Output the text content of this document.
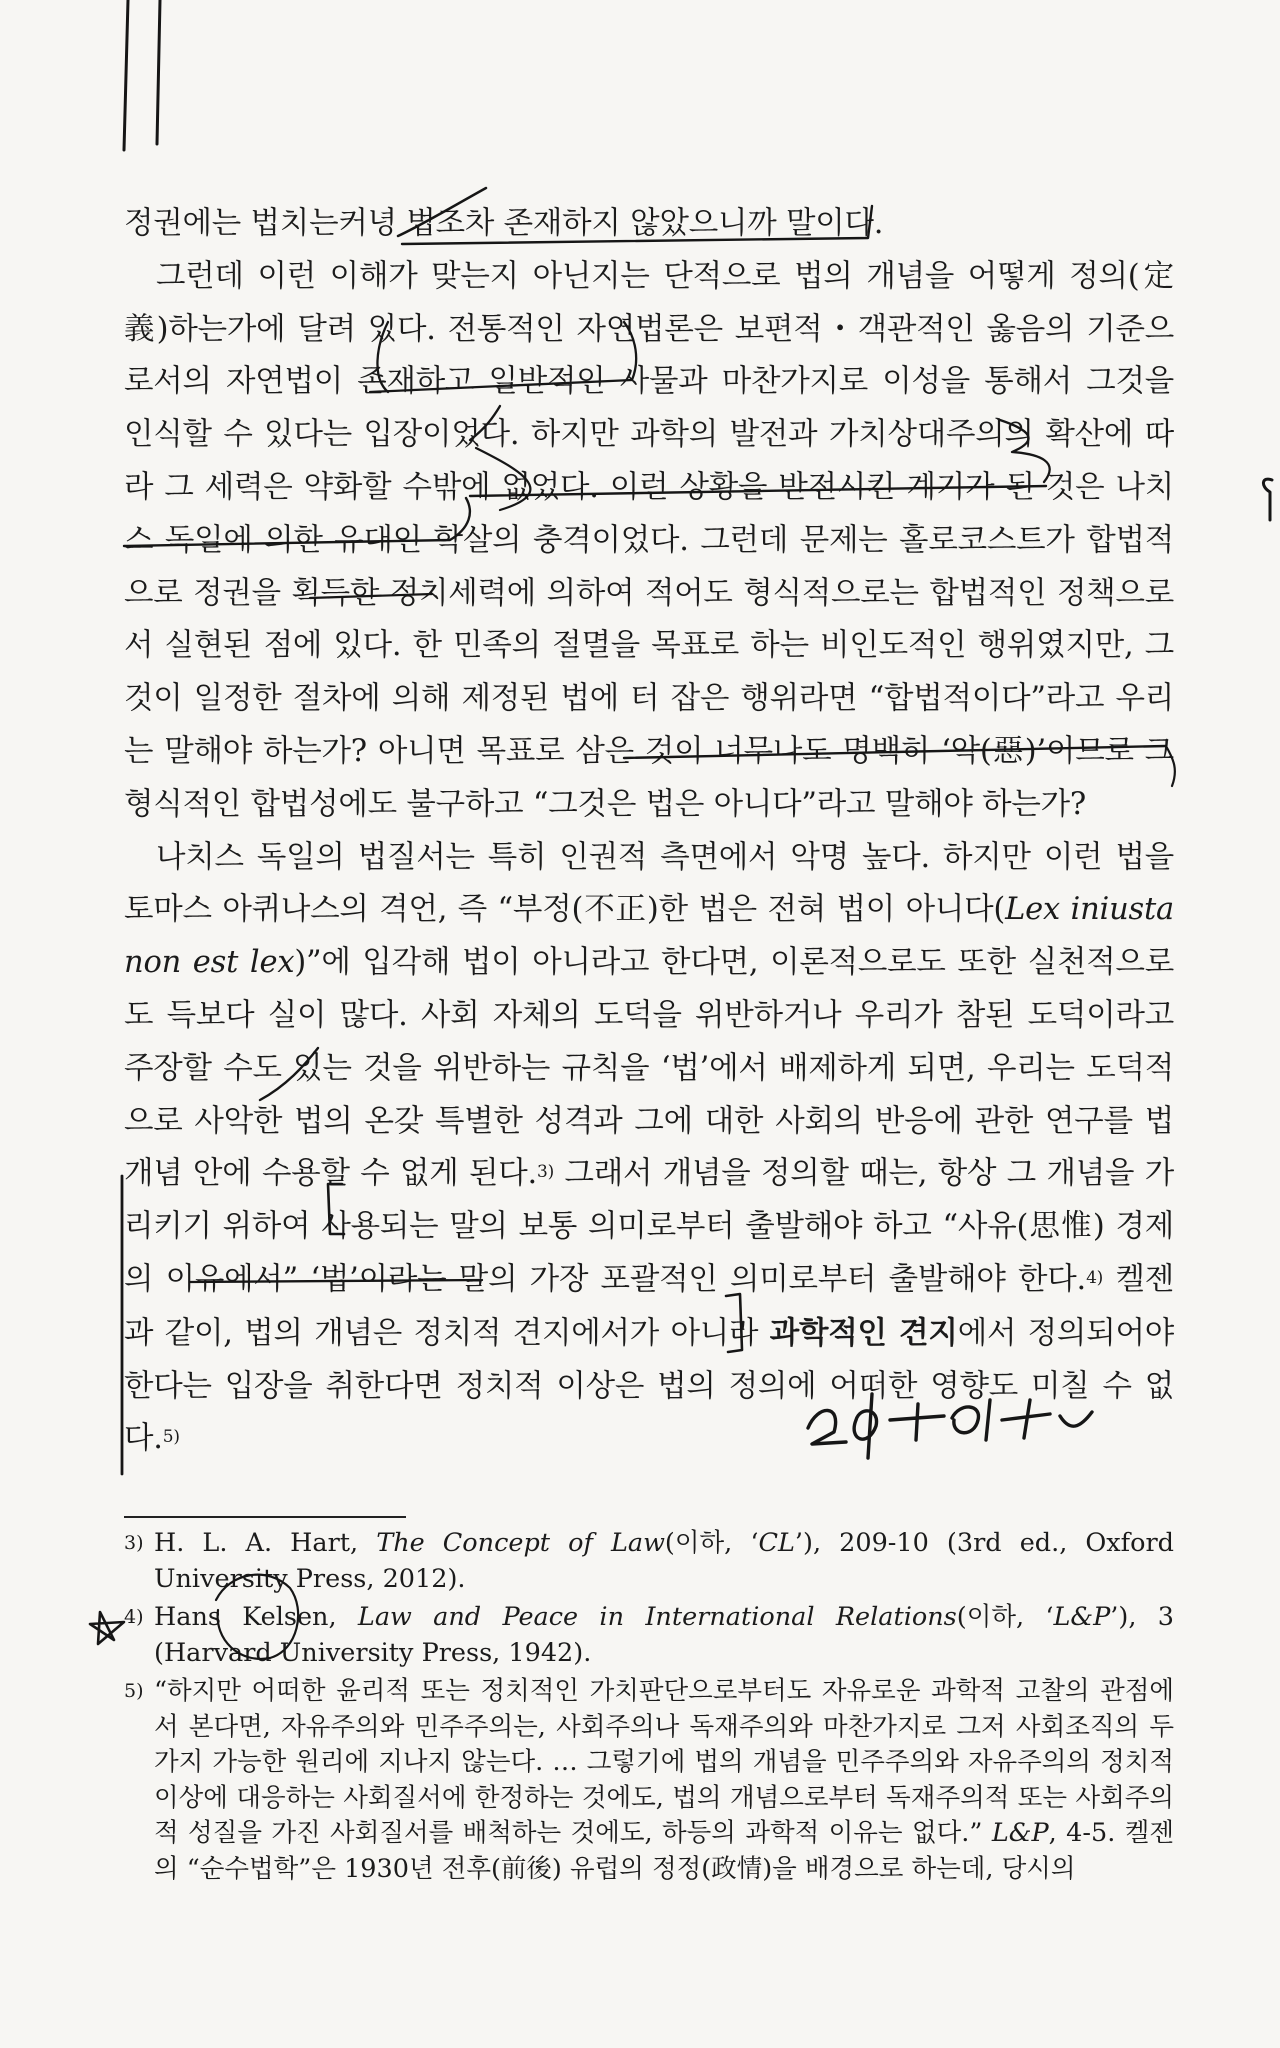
정권에는 법치는커녕 법조차 존재하지 않았으니까 말이다.

그런데 이런 이해가 맞는지 아닌지는 단적으로 법의 개념을 어떻게 정의(定義)하는가에 달려 있다. 전통적인 자연법론은 보편적・객관적인 옳음의 기준으로서의 자연법이 존재하고 일반적인 사물과 마찬가지로 이성을 통해서 그것을 인식할 수 있다는 입장이었다. 하지만 과학의 발전과 가치상대주의의 확산에 따라 그 세력은 약화할 수밖에 없었다. 이런 상황을 반전시킨 계기가 된 것은 나치스 독일에 의한 유대인 학살의 충격이었다. 그런데 문제는 홀로코스트가 합법적으로 정권을 획득한 정치세력에 의하여 적어도 형식적으로는 합법적인 정책으로서 실현된 점에 있다. 한 민족의 절멸을 목표로 하는 비인도적인 행위였지만, 그것이 일정한 절차에 의해 제정된 법에 터 잡은 행위라면 “합법적이다”라고 우리는 말해야 하는가? 아니면 목표로 삼은 것이 너무나도 명백히 ‘악(惡)’이므로 그 형식적인 합법성에도 불구하고 “그것은 법은 아니다”라고 말해야 하는가?

나치스 독일의 법질서는 특히 인권적 측면에서 악명 높다. 하지만 이런 법을 토마스 아퀴나스의 격언, 즉 “부정(不正)한 법은 전혀 법이 아니다(Lex iniusta non est lex)”에 입각해 법이 아니라고 한다면, 이론적으로도 또한 실천적으로도 득보다 실이 많다. 사회 자체의 도덕을 위반하거나 우리가 참된 도덕이라고 주장할 수도 있는 것을 위반하는 규칙을 ‘법’에서 배제하게 되면, 우리는 도덕적으로 사악한 법의 온갖 특별한 성격과 그에 대한 사회의 반응에 관한 연구를 법개념 안에 수용할 수 없게 된다.$^{3)}$ 그래서 개념을 정의할 때는, 항상 그 개념을 가리키기 위하여 사용되는 말의 보통 의미로부터 출발해야 하고 “사유(思惟) 경제의 이유에서” ‘법’이라는 말의 가장 포괄적인 의미로부터 출발해야 한다.$^{4)}$ 켈젠과 같이, 법의 개념은 정치적 견지에서가 아니라 과학적인 견지에서 정의되어야 한다는 입장을 취한다면 정치적 이상은 법의 정의에 어떠한 영향도 미칠 수 없다.$^{5)}$

3) H. L. A. Hart, The Concept of Law(이하, ‘CL’), 209-10 (3rd ed., Oxford University Press, 2012).
4) Hans Kelsen, Law and Peace in International Relations(이하, ‘L&P’), 3 (Harvard University Press, 1942).
5) “하지만 어떠한 윤리적 또는 정치적인 가치판단으로부터도 자유로운 과학적 고찰의 관점에서 본다면, 자유주의와 민주주의는, 사회주의나 독재주의와 마찬가지로 그저 사회조직의 두 가지 가능한 원리에 지나지 않는다. … 그렇기에 법의 개념을 민주주의와 자유주의의 정치적 이상에 대응하는 사회질서에 한정하는 것에도, 법의 개념으로부터 독재주의적 또는 사회주의적 성질을 가진 사회질서를 배척하는 것에도, 하등의 과학적 이유는 없다.” L&P, 4-5. 켈젠의 “순수법학”은 1930년 전후(前後) 유럽의 정정(政情)을 배경으로 하는데, 당시의
